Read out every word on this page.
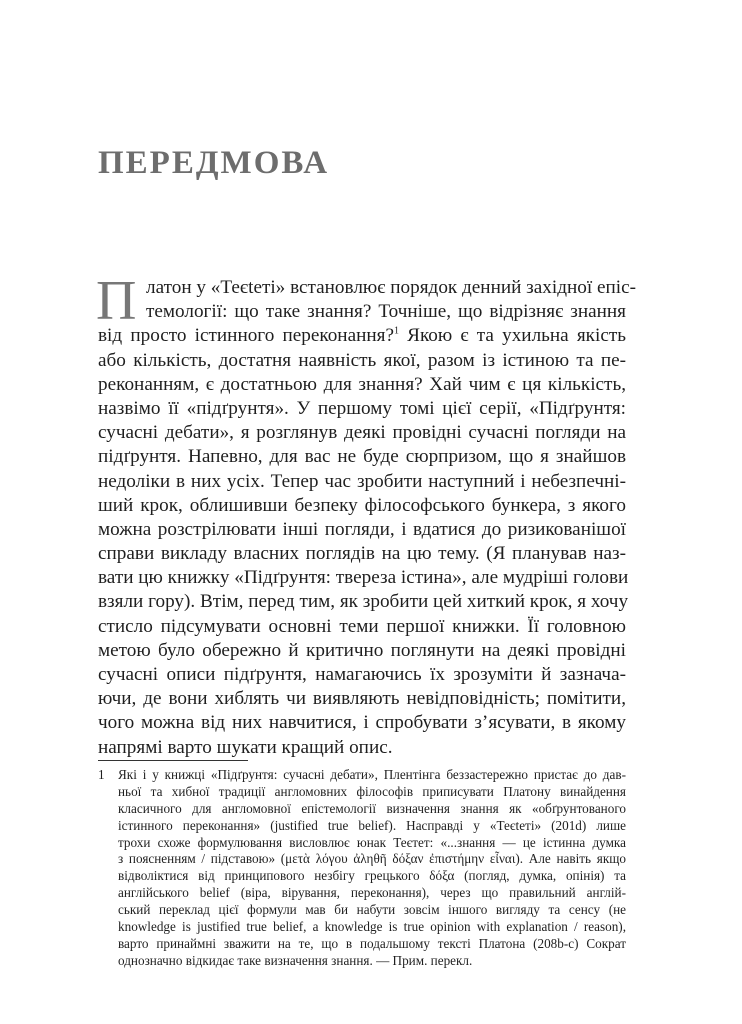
ПЕРЕДМОВА
П латон у «Теєteті» встановлює порядок денний західної епіс-
темології: що таке знання? Точніше, що відрізняє знання
від просто істинного переконання?$^1$ Якою є та ухильна якість
або кількість, достатня наявність якої, разом із істиною та пе-
реконанням, є достатньою для знання? Хай чим є ця кількість,
назвімо її «підґрунтя». У першому томі цієї серії, «Підґрунтя:
сучасні дебати», я розглянув деякі провідні сучасні погляди на
підґрунтя. Напевно, для вас не буде сюрпризом, що я знайшов
недоліки в них усіх. Тепер час зробити наступний і небезпечні-
ший крок, облишивши безпеку філософського бункера, з якого
можна розстрілювати інші погляди, і вдатися до ризикованішої
справи викладу власних поглядів на цю тему. (Я планував наз-
вати цю книжку «Підґрунтя: твереза істина», але мудріші голови
взяли гору). Втім, перед тим, як зробити цей хиткий крок, я хочу
стисло підсумувати основні теми першої книжки. Її головною
метою було обережно й критично поглянути на деякі провідні
сучасні описи підґрунтя, намагаючись їх зрозуміти й зазнача-
ючи, де вони хиблять чи виявляють невідповідність; помітити,
чого можна від них навчитися, і спробувати з’ясувати, в якому
напрямі варто шукати кращий опис.
1	Які і у книжці «Підґрунтя: сучасні дебати», Плентінга беззастережно пристає до дав-
ньої та хибної традиції англомовних філософів приписувати Платону винайдення
класичного для англомовної епістемології визначення знання як «обґрунтованого
істинного переконання» (justified true belief). Насправді у «Теєteті» (201d) лише
трохи схоже формулювання висловлює юнак Теєтет: «...знання — це істинна думка
з поясненням / підставою» (μετὰ λόγου ἀληθῆ δόξαν ἐπιστήμην εἶναι). Але навіть якщо
відволіктися від принципового незбігу грецького δόξα (погляд, думка, опінія) та
англійського belief (віра, вірування, переконання), через що правильний англій-
ський переклад цієї формули мав би набути зовсім іншого вигляду та сенсу (не
knowledge is justified true belief, а knowledge is true opinion with explanation / reason),
варто принаймні зважити на те, що в подальшому тексті Платона (208b-c) Сократ
однозначно відкидає таке визначення знання. — Прим. перекл.
